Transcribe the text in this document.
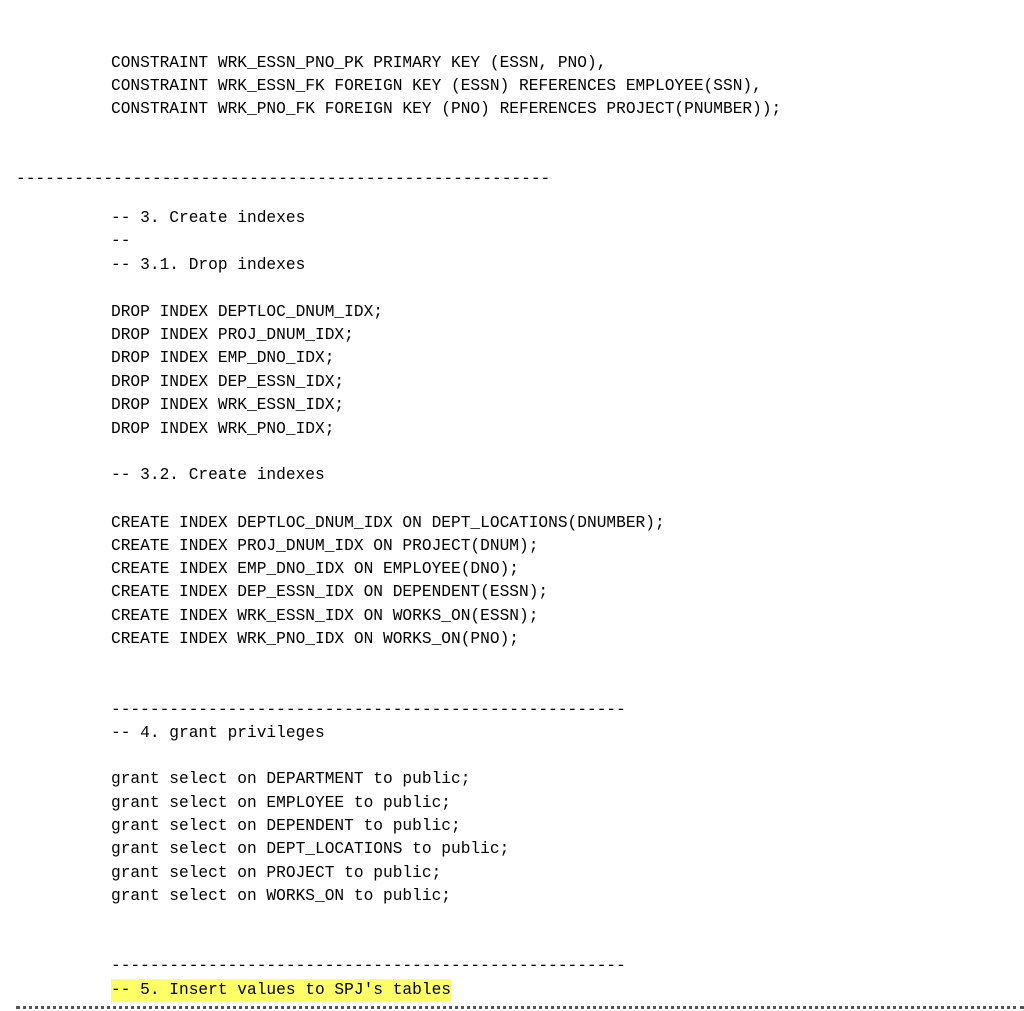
CONSTRAINT WRK_ESSN_PNO_PK PRIMARY KEY (ESSN, PNO),
CONSTRAINT WRK_ESSN_FK FOREIGN KEY (ESSN) REFERENCES EMPLOYEE(SSN),
CONSTRAINT WRK_PNO_FK FOREIGN KEY (PNO) REFERENCES PROJECT(PNUMBER));
-------------------------------------------------------
-- 3. Create indexes
--
-- 3.1. Drop indexes
DROP INDEX DEPTLOC_DNUM_IDX;
DROP INDEX PROJ_DNUM_IDX;
DROP INDEX EMP_DNO_IDX;
DROP INDEX DEP_ESSN_IDX;
DROP INDEX WRK_ESSN_IDX;
DROP INDEX WRK_PNO_IDX;
-- 3.2. Create indexes
CREATE INDEX DEPTLOC_DNUM_IDX ON DEPT_LOCATIONS(DNUMBER);
CREATE INDEX PROJ_DNUM_IDX ON PROJECT(DNUM);
CREATE INDEX EMP_DNO_IDX ON EMPLOYEE(DNO);
CREATE INDEX DEP_ESSN_IDX ON DEPENDENT(ESSN);
CREATE INDEX WRK_ESSN_IDX ON WORKS_ON(ESSN);
CREATE INDEX WRK_PNO_IDX ON WORKS_ON(PNO);
-----------------------------------------------------
-- 4. grant privileges
grant select on DEPARTMENT to public;
grant select on EMPLOYEE to public;
grant select on DEPENDENT to public;
grant select on DEPT_LOCATIONS to public;
grant select on PROJECT to public;
grant select on WORKS_ON to public;
-----------------------------------------------------
-- 5. Insert values to SPJ's tables
